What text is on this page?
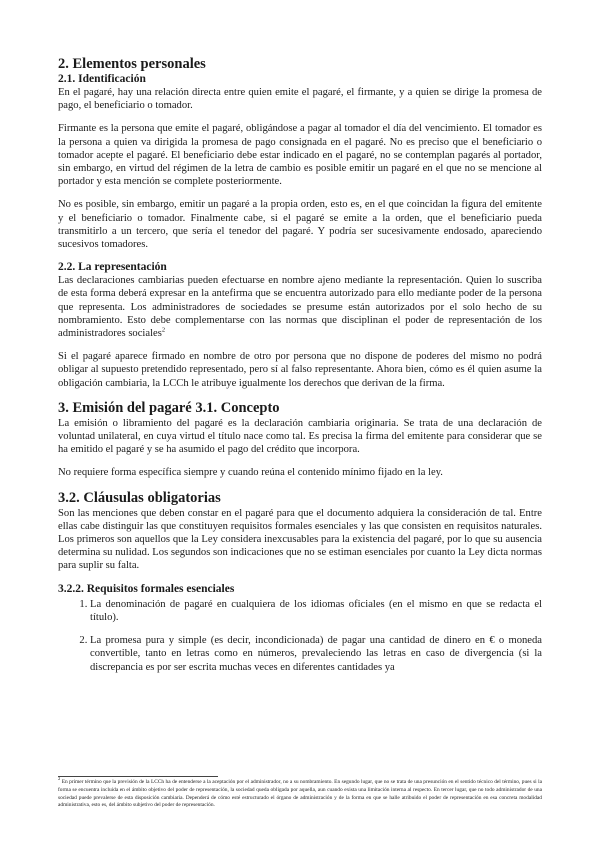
2. Elementos personales
2.1. Identificación

En el pagaré, hay una relación directa entre quien emite el pagaré, el firmante, y a quien se dirige la promesa de pago, el beneficiario o tomador.

Firmante es la persona que emite el pagaré, obligándose a pagar al tomador el día del vencimiento. El tomador es la persona a quien va dirigida la promesa de pago consignada en el pagaré. No es preciso que el beneficiario o tomador acepte el pagaré. El beneficiario debe estar indicado en el pagaré, no se contemplan pagarés al portador, sin embargo, en virtud del régimen de la letra de cambio es posible emitir un pagaré en el que no se mencione al portador y esta mención se complete posteriormente.

No es posible, sin embargo, emitir un pagaré a la propia orden, esto es, en el que coincidan la figura del emitente y el beneficiario o tomador. Finalmente cabe, si el pagaré se emite a la orden, que el beneficiario pueda transmitirlo a un tercero, que sería el tenedor del pagaré. Y podría ser sucesivamente endosado, apareciendo sucesivos tomadores.

2.2. La representación

Las declaraciones cambiarias pueden efectuarse en nombre ajeno mediante la representación. Quien lo suscriba de esta forma deberá expresar en la antefirma que se encuentra autorizado para ello mediante poder de la persona que representa. Los administradores de sociedades se presume están autorizados por el solo hecho de su nombramiento. Esto debe complementarse con las normas que disciplinan el poder de representación de los administradores sociales$^2$

Si el pagaré aparece firmado en nombre de otro por persona que no dispone de poderes del mismo no podrá obligar al supuesto pretendido representado, pero sí al falso representante. Ahora bien, cómo es él quien asume la obligación cambiaria, la LCCh le atribuye igualmente los derechos que derivan de la firma.

3. Emisión del pagaré 3.1. Concepto

La emisión o libramiento del pagaré es la declaración cambiaria originaria. Se trata de una declaración de voluntad unilateral, en cuya virtud el título nace como tal. Es precisa la firma del emitente para considerar que se ha emitido el pagaré y se ha asumido el pago del crédito que incorpora.

No requiere forma específica siempre y cuando reúna el contenido mínimo fijado en la ley.

3.2. Cláusulas obligatorias

Son las menciones que deben constar en el pagaré para que el documento adquiera la consideración de tal. Entre ellas cabe distinguir las que constituyen requisitos formales esenciales y las que consisten en requisitos naturales. Los primeros son aquellos que la Ley considera inexcusables para la existencia del pagaré, por lo que su ausencia determina su nulidad. Los segundos son indicaciones que no se estiman esenciales por cuanto la Ley dicta normas para suplir su falta.

3.2.2. Requisitos formales esenciales
1. La denominación de pagaré en cualquiera de los idiomas oficiales (en el mismo en que se redacta el título).
2. La promesa pura y simple (es decir, incondicionada) de pagar una cantidad de dinero en € o moneda convertible, tanto en letras como en números, prevaleciendo las letras en caso de divergencia (si la discrepancia es por ser escrita muchas veces en diferentes cantidades ya
$^2$ En primer término que la previsión de la LCCh ha de entenderse a la aceptación por el administrador, no a su nombramiento. En segundo lugar, que no se trata de una presunción en el sentido técnico del término, pues si la forma se encuentra incluida en el ámbito objetivo del poder de representación, la sociedad queda obligada por aquella, aun cuando exista una limitación interna al respecto. En tercer lugar, que no todo administrador de una sociedad puede prevalerse de esta disposición cambiaria. Dependerá de cómo esté estructurado el órgano de administración y de la forma en que se halle atribuido el poder de representación en esa concreta modalidad administrativa, esto es, del ámbito subjetivo del poder de representación.
